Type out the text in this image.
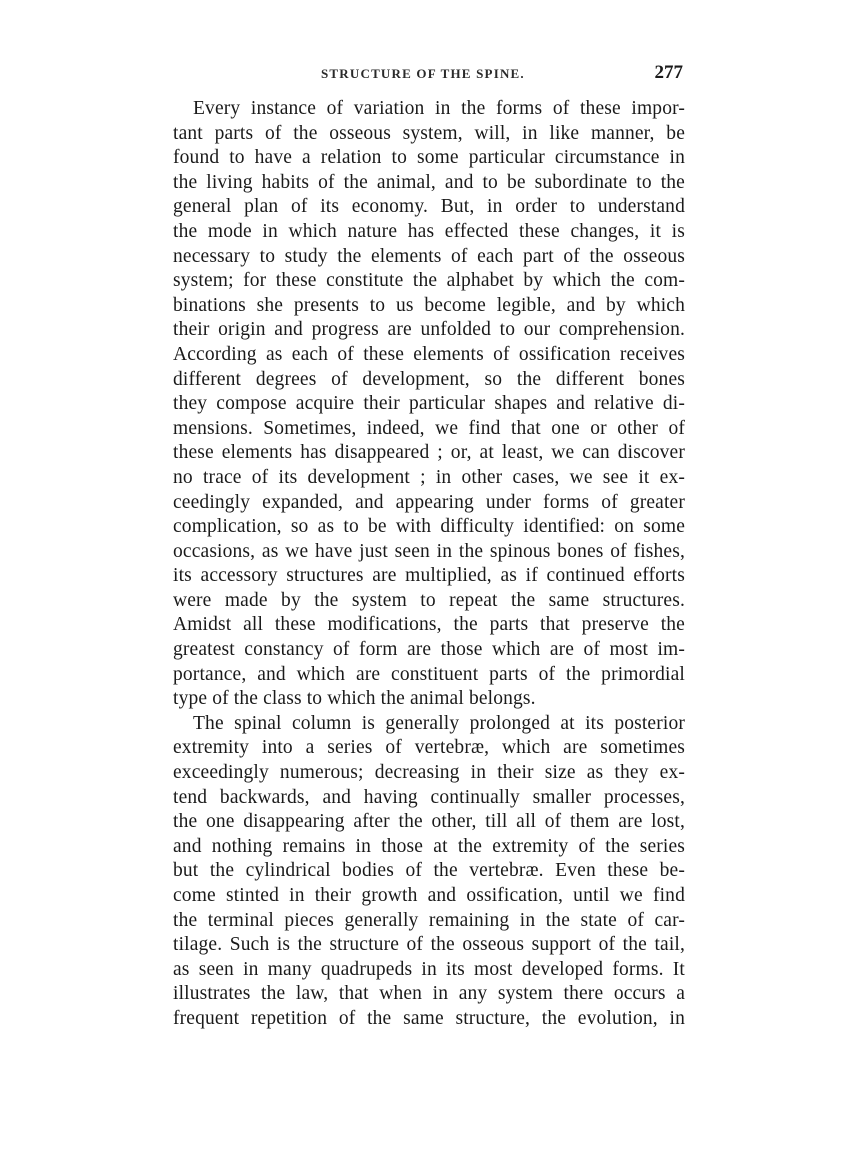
STRUCTURE OF THE SPINE.	277
Every instance of variation in the forms of these impor-
tant parts of the osseous system, will, in like manner, be
found to have a relation to some particular circumstance in
the living habits of the animal, and to be subordinate to the
general plan of its economy. But, in order to understand
the mode in which nature has effected these changes, it is
necessary to study the elements of each part of the osseous
system; for these constitute the alphabet by which the com-
binations she presents to us become legible, and by which
their origin and progress are unfolded to our comprehension.
According as each of these elements of ossification receives
different degrees of development, so the different bones
they compose acquire their particular shapes and relative di-
mensions. Sometimes, indeed, we find that one or other of
these elements has disappeared ; or, at least, we can discover
no trace of its development ; in other cases, we see it ex-
ceedingly expanded, and appearing under forms of greater
complication, so as to be with difficulty identified: on some
occasions, as we have just seen in the spinous bones of fishes,
its accessory structures are multiplied, as if continued efforts
were made by the system to repeat the same structures.
Amidst all these modifications, the parts that preserve the
greatest constancy of form are those which are of most im-
portance, and which are constituent parts of the primordial
type of the class to which the animal belongs.
The spinal column is generally prolonged at its posterior
extremity into a series of vertebræ, which are sometimes
exceedingly numerous; decreasing in their size as they ex-
tend backwards, and having continually smaller processes,
the one disappearing after the other, till all of them are lost,
and nothing remains in those at the extremity of the series
but the cylindrical bodies of the vertebræ. Even these be-
come stinted in their growth and ossification, until we find
the terminal pieces generally remaining in the state of car-
tilage. Such is the structure of the osseous support of the tail,
as seen in many quadrupeds in its most developed forms. It
illustrates the law, that when in any system there occurs a
frequent repetition of the same structure, the evolution, in
